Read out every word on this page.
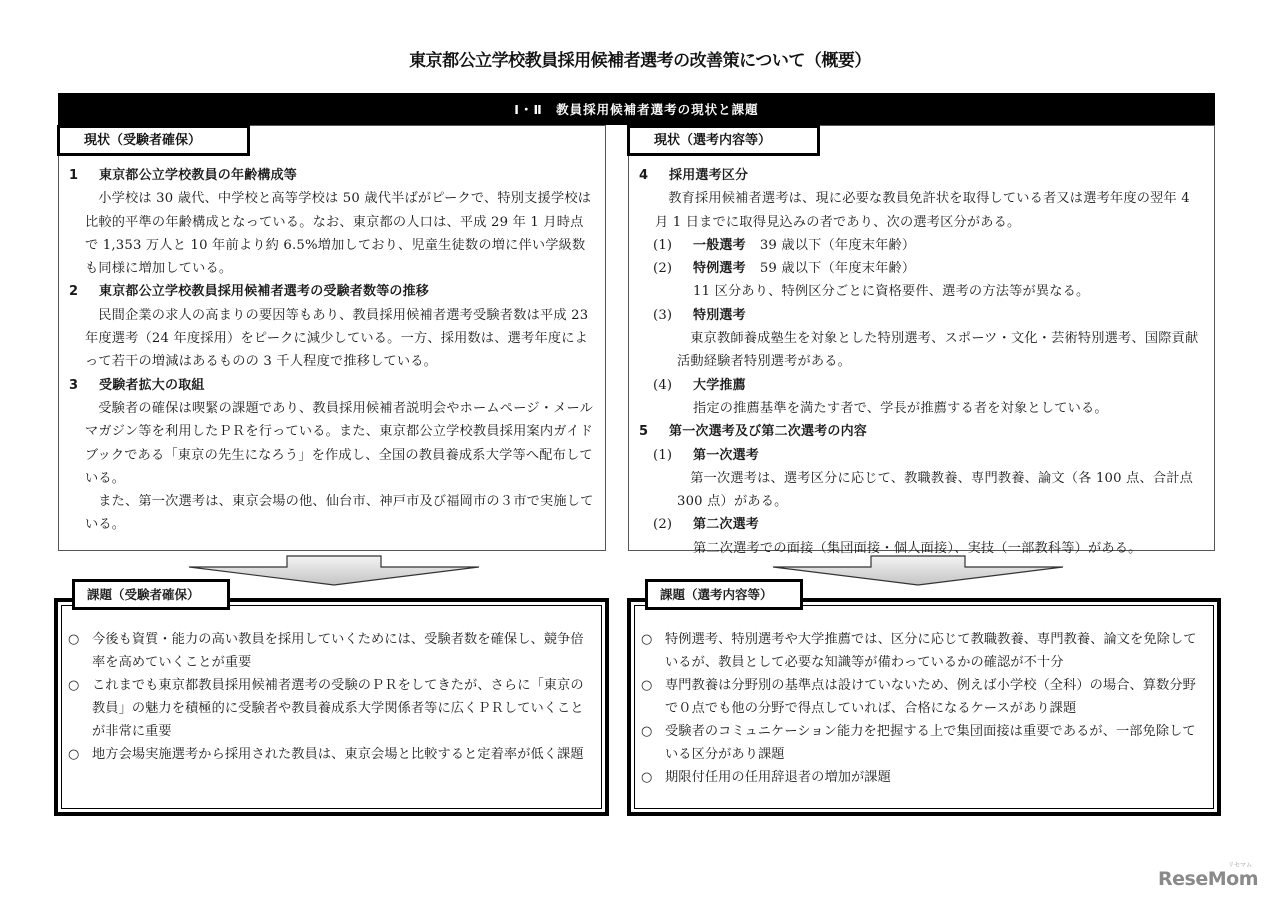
東京都公立学校教員採用候補者選考の改善策について（概要）
Ⅰ・Ⅱ　教員採用候補者選考の現状と課題
現状（受験者確保）
1	東京都公立学校教員の年齢構成等
小学校は 30 歳代、中学校と高等学校は 50 歳代半ばがピークで、特別支援学校は比較的平準の年齢構成となっている。なお、東京都の人口は、平成 29 年 1 月時点で 1,353 万人と 10 年前より約 6.5%増加しており、児童生徒数の増に伴い学級数も同様に増加している。
2	東京都公立学校教員採用候補者選考の受験者数等の推移
民間企業の求人の高まりの要因等もあり、教員採用候補者選考受験者数は平成 23 年度選考（24 年度採用）をピークに減少している。一方、採用数は、選考年度によって若干の増減はあるものの 3 千人程度で推移している。
3	受験者拡大の取組
受験者の確保は喫緊の課題であり、教員採用候補者説明会やホームページ・メールマガジン等を利用したＰＲを行っている。また、東京都公立学校教員採用案内ガイドブックである「東京の先生になろう」を作成し、全国の教員養成系大学等へ配布している。
また、第一次選考は、東京会場の他、仙台市、神戸市及び福岡市の３市で実施している。
現状（選考内容等）
4	採用選考区分
教育採用候補者選考は、現に必要な教員免許状を取得している者又は選考年度の翌年 4 月 1 日までに取得見込みの者であり、次の選考区分がある。
(1)	一般選考 39 歳以下（年度末年齢）
(2)	特例選考 59 歳以下（年度末年齢）
11 区分あり、特例区分ごとに資格要件、選考の方法等が異なる。
(3)	特別選考
東京教師養成塾生を対象とした特別選考、スポーツ・文化・芸術特別選考、国際貢献活動経験者特別選考がある。
(4)	大学推薦
指定の推薦基準を満たす者で、学長が推薦する者を対象としている。
5	第一次選考及び第二次選考の内容
(1)	第一次選考
第一次選考は、選考区分に応じて、教職教養、専門教養、論文（各 100 点、合計点 300 点）がある。
(2)	第二次選考
第二次選考での面接（集団面接・個人面接）、実技（一部教科等）がある。
課題（受験者確保）
○ 今後も資質・能力の高い教員を採用していくためには、受験者数を確保し、競争倍率を高めていくことが重要
○ これまでも東京都教員採用候補者選考の受験のＰＲをしてきたが、さらに「東京の教員」の魅力を積極的に受験者や教員養成系大学関係者等に広くＰＲしていくことが非常に重要
○ 地方会場実施選考から採用された教員は、東京会場と比較すると定着率が低く課題
課題（選考内容等）
○ 特例選考、特別選考や大学推薦では、区分に応じて教職教養、専門教養、論文を免除しているが、教員として必要な知識等が備わっているかの確認が不十分
○ 専門教養は分野別の基準点は設けていないため、例えば小学校（全科）の場合、算数分野で０点でも他の分野で得点していれば、合格になるケースがあり課題
○ 受験者のコミュニケーション能力を把握する上で集団面接は重要であるが、一部免除している区分があり課題
○ 期限付任用の任用辞退者の増加が課題
ReseMom
リセマム
